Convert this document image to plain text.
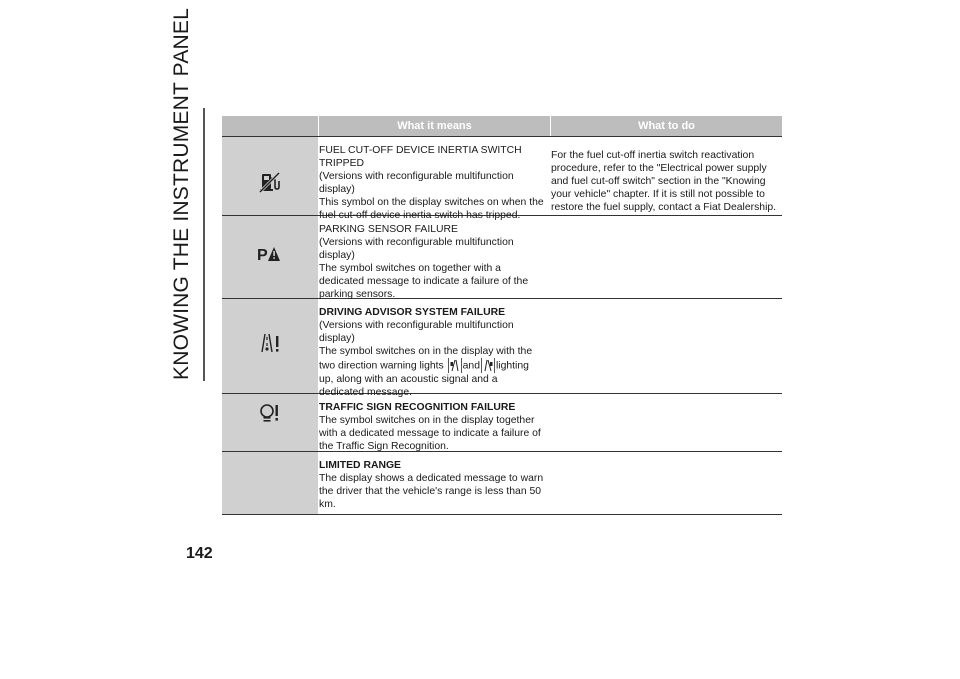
KNOWING THE INSTRUMENT PANEL	What it means	What to do
FUEL CUT-OFF DEVICE INERTIA SWITCH TRIPPED
(Versions with reconfigurable multifunction display)
This symbol on the display switches on when the fuel cut-off device inertia switch has tripped.
For the fuel cut-off inertia switch reactivation procedure, refer to the "Electrical power supply and fuel cut-off switch" section in the "Knowing your vehicle" chapter. If it is still not possible to restore the fuel supply, contact a Fiat Dealership.
P
PARKING SENSOR FAILURE
(Versions with reconfigurable multifunction display)
The symbol switches on together with a dedicated message to indicate a failure of the parking sensors.
DRIVING ADVISOR SYSTEM FAILURE
(Versions with reconfigurable multifunction display)
The symbol switches on in the display with the two direction warning lights and lighting up, along with an acoustic signal and a dedicated message.
TRAFFIC SIGN RECOGNITION FAILURE
The symbol switches on in the display together with a dedicated message to indicate a failure of the Traffic Sign Recognition.
LIMITED RANGE
The display shows a dedicated message to warn the driver that the vehicle's range is less than 50 km.
142
